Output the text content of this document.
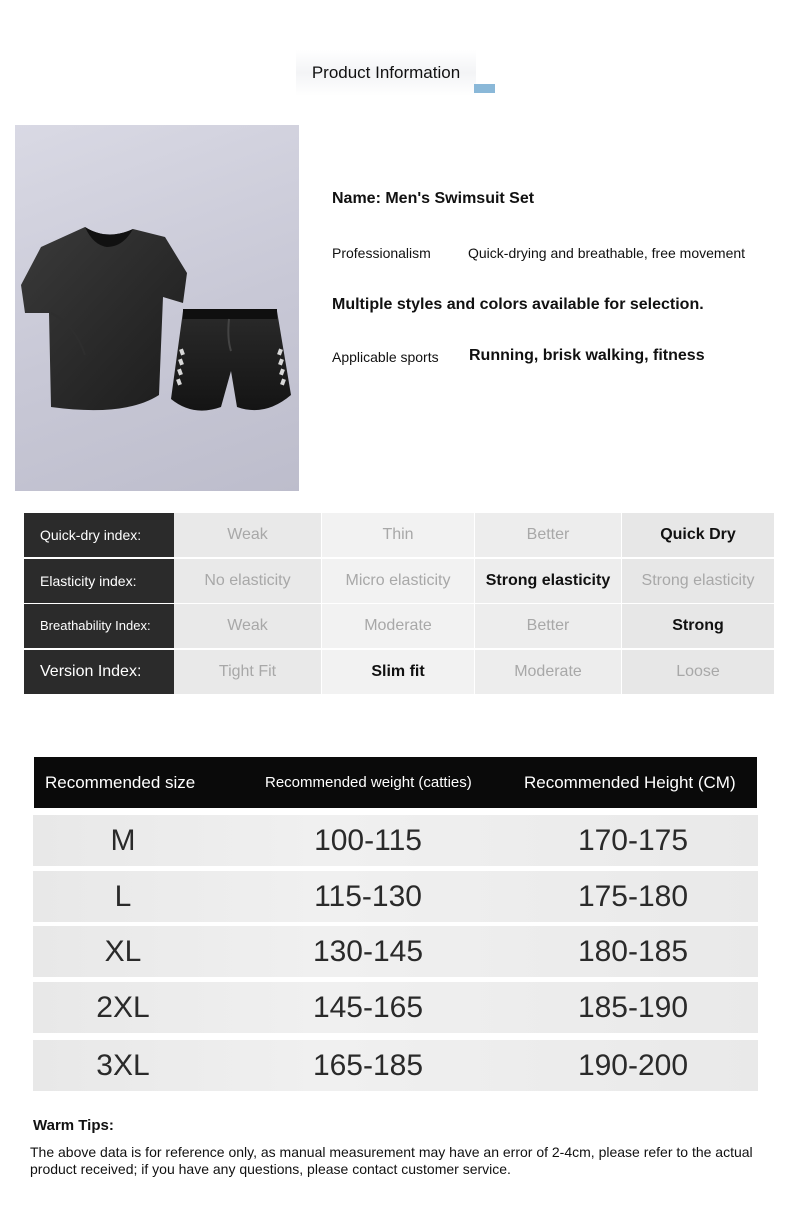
Product Information
Name: Men's Swimsuit Set
Professionalism	Quick-drying and breathable, free movement
Multiple styles and colors available for selection.
Applicable sports Running, brisk walking, fitness
Quick-dry index:	Weak	Thin	Better	Quick Dry
Elasticity index:	No elasticity	Micro elasticity	Strong elasticity	Strong elasticity
Breathability Index:	Weak	Moderate	Better	Strong
Version Index:	Tight Fit	Slim fit	Moderate	Loose
Recommended size	Recommended weight (catties)	Recommended Height (CM)
M	100-115	170-175
L	115-130	175-180
XL	130-145	180-185
2XL	145-165	185-190
3XL	165-185	190-200
Warm Tips:
The above data is for reference only, as manual measurement may have an error of 2-4cm, please refer to the actual product received; if you have any questions, please contact customer service.
